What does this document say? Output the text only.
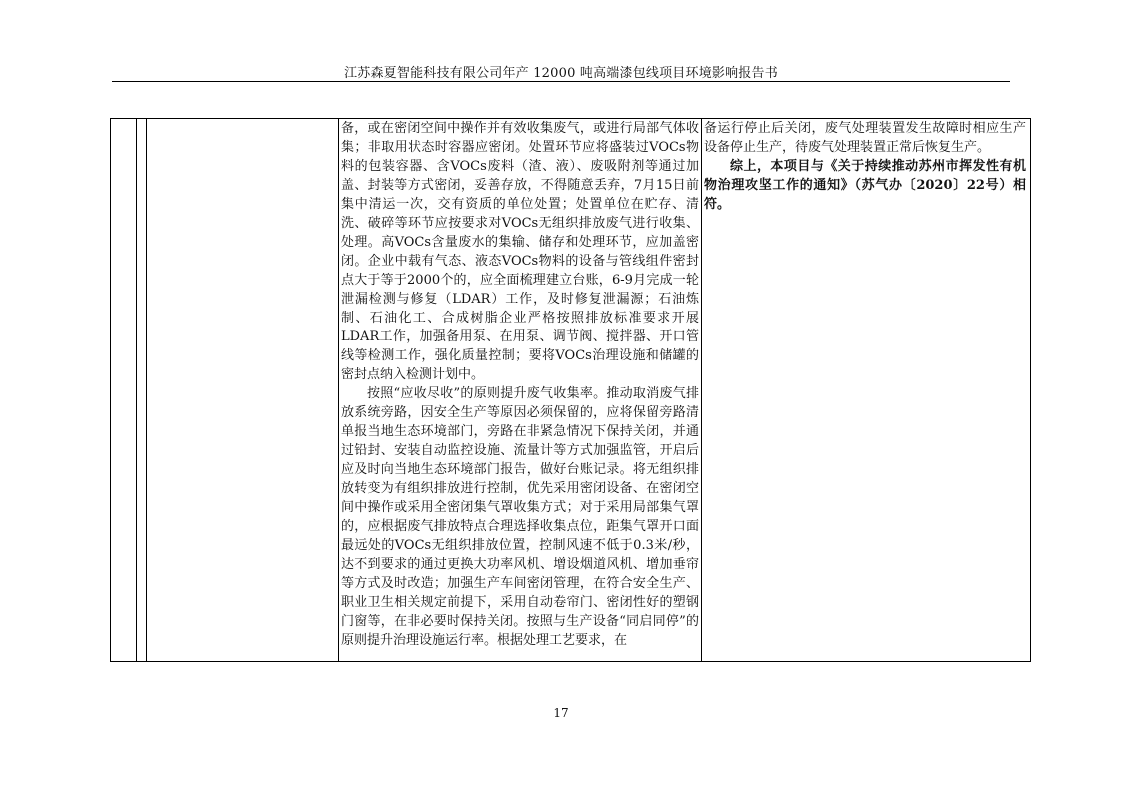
江苏森夏智能科技有限公司年产 12000 吨高端漆包线项目环境影响报告书

备，或在密闭空间中操作并有效收集废气，或进行局部气体收集；非取用状态时容器应密闭。处置环节应将盛装过VOCs物料的包装容器、含VOCs废料（渣、液）、废吸附剂等通过加盖、封装等方式密闭，妥善存放，不得随意丢弃，7月15日前集中清运一次，交有资质的单位处置；处置单位在贮存、清洗、破碎等环节应按要求对VOCs无组织排放废气进行收集、处理。高VOCs含量废水的集输、储存和处理环节，应加盖密闭。企业中载有气态、液态VOCs物料的设备与管线组件密封点大于等于2000个的，应全面梳理建立台账，6-9月完成一轮泄漏检测与修复（LDAR）工作，及时修复泄漏源；石油炼制、石油化工、合成树脂企业严格按照排放标准要求开展LDAR工作，加强备用泵、在用泵、调节阀、搅拌器、开口管线等检测工作，强化质量控制；要将VOCs治理设施和储罐的密封点纳入检测计划中。

按照“应收尽收”的原则提升废气收集率。推动取消废气排放系统旁路，因安全生产等原因必须保留的，应将保留旁路清单报当地生态环境部门，旁路在非紧急情况下保持关闭，并通过铅封、安装自动监控设施、流量计等方式加强监管，开启后应及时向当地生态环境部门报告，做好台账记录。将无组织排放转变为有组织排放进行控制，优先采用密闭设备、在密闭空间中操作或采用全密闭集气罩收集方式；对于采用局部集气罩的，应根据废气排放特点合理选择收集点位，距集气罩开口面最远处的VOCs无组织排放位置，控制风速不低于0.3米/秒，达不到要求的通过更换大功率风机、增设烟道风机、增加垂帘等方式及时改造；加强生产车间密闭管理，在符合安全生产、职业卫生相关规定前提下，采用自动卷帘门、密闭性好的塑钢门窗等，在非必要时保持关闭。按照与生产设备“同启同停”的原则提升治理设施运行率。根据处理工艺要求，在

备运行停止后关闭，废气处理装置发生故障时相应生产设备停止生产，待废气处理装置正常后恢复生产。

综上，本项目与《关于持续推动苏州市挥发性有机物治理攻坚工作的通知》（苏气办〔2020〕22号）相符。

17
